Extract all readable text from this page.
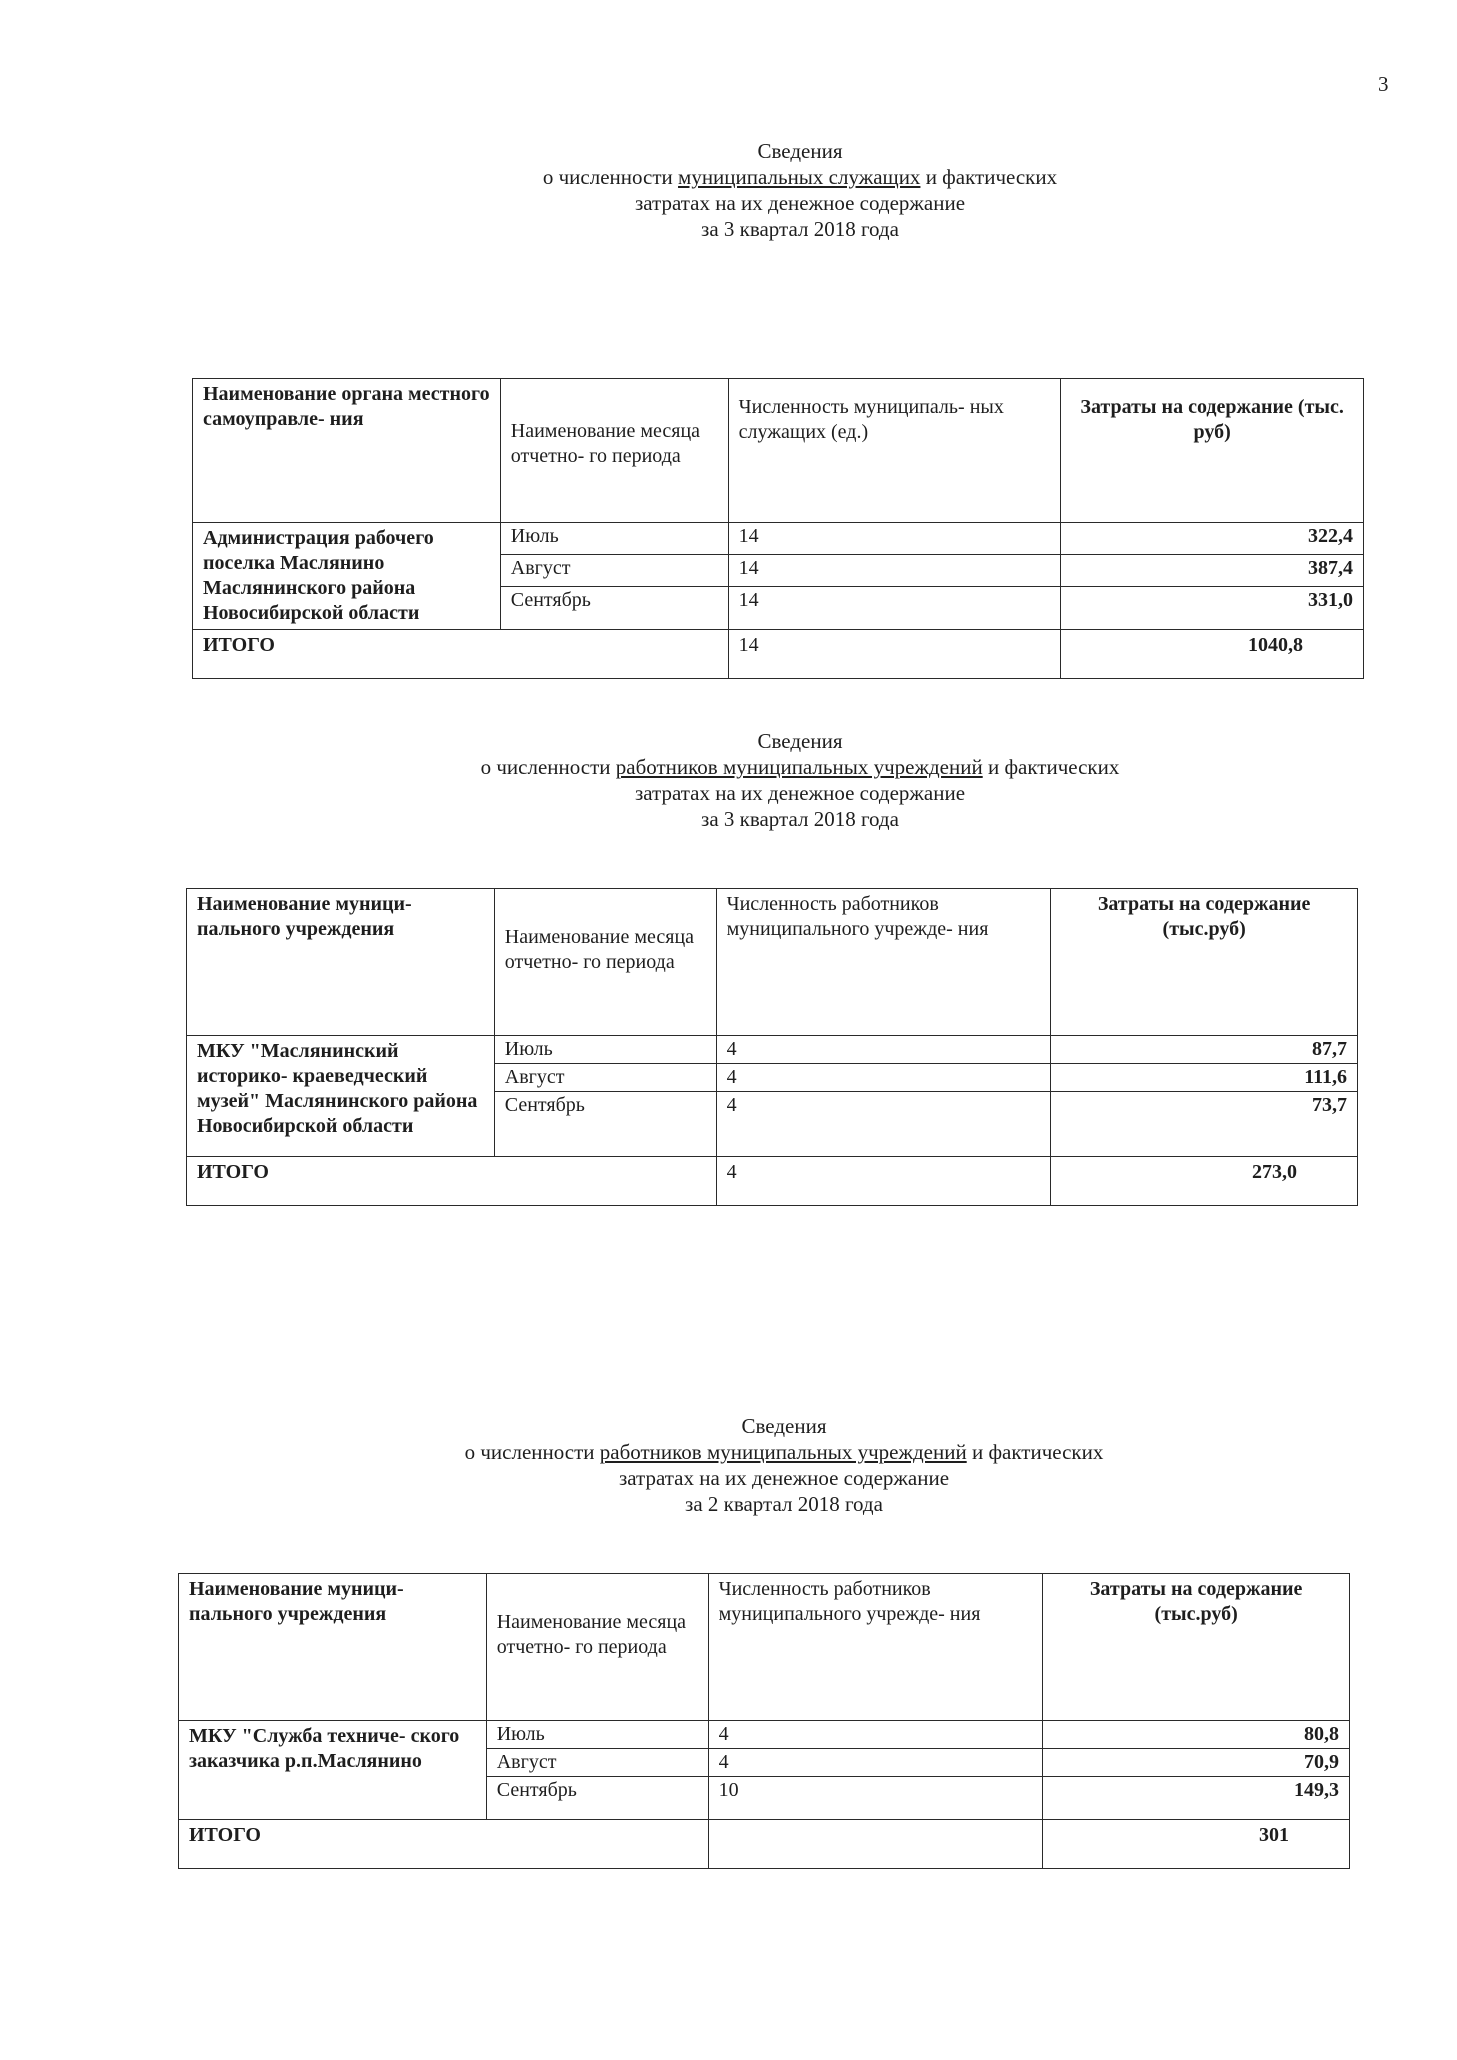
3
Сведения
о численности муниципальных служащих и фактических
затратах на их денежное содержание
за 3 квартал 2018 года
Наименование органа местного самоуправле- ния	Наименование месяца отчетно- го периода	Численность муниципаль- ных служащих (ед.)	Затраты на содержание (тыс. руб)
Администрация рабочего поселка Маслянино Маслянинского района Новосибирской области	Июль	14	322,4
	Август	14	387,4
	Сентябрь	14	331,0
ИТОГО		14	1040,8
Сведения
о численности работников муниципальных учреждений и фактических
затратах на их денежное содержание
за 3 квартал 2018 года
Наименование муници- пального учреждения	Наименование месяца отчетно- го периода	Численность работников муниципального учрежде- ния	Затраты на содержание (тыс.руб)
МКУ "Маслянинский историко- краеведческий музей" Маслянинского района Новосибирской области	Июль	4	87,7
	Август	4	111,6
	Сентябрь	4	73,7
ИТОГО		4	273,0
Сведения
о численности работников муниципальных учреждений и фактических
затратах на их денежное содержание
за 2 квартал 2018 года
Наименование муници- пального учреждения	Наименование месяца отчетно- го периода	Численность работников муниципального учрежде- ния	Затраты на содержание (тыс.руб)
МКУ "Служба техниче- ского заказчика р.п.Маслянино	Июль	4	80,8
	Август	4	70,9
	Сентябрь	10	149,3
ИТОГО			301
